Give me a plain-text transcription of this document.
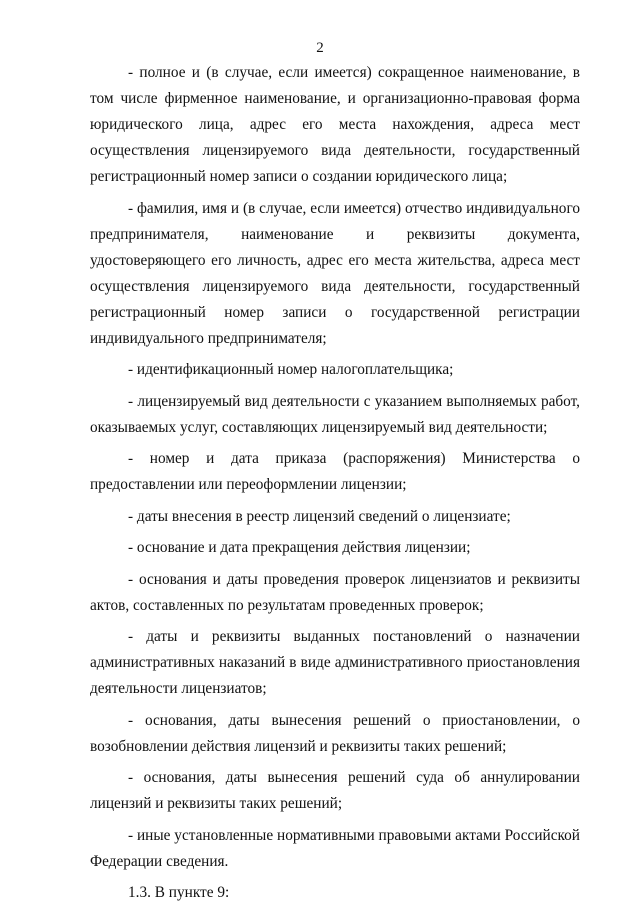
2

- полное и (в случае, если имеется) сокращенное наименование, в том числе фирменное наименование, и организационно-правовая форма юридического лица, адрес его места нахождения, адреса мест осуществления лицензируемого вида деятельности, государственный регистрационный номер записи о создании юридического лица;

- фамилия, имя и (в случае, если имеется) отчество индивидуального предпринимателя, наименование и реквизиты документа, удостоверяющего его личность, адрес его места жительства, адреса мест осуществления лицензируемого вида деятельности, государственный регистрационный номер записи о государственной регистрации индивидуального предпринимателя;

- идентификационный номер налогоплательщика;

- лицензируемый вид деятельности с указанием выполняемых работ, оказываемых услуг, составляющих лицензируемый вид деятельности;

- номер и дата приказа (распоряжения) Министерства о предоставлении или переоформлении лицензии;

- даты внесения в реестр лицензий сведений о лицензиате;

- основание и дата прекращения действия лицензии;

- основания и даты проведения проверок лицензиатов и реквизиты актов, составленных по результатам проведенных проверок;

- даты и реквизиты выданных постановлений о назначении административных наказаний в виде административного приостановления деятельности лицензиатов;

- основания, даты вынесения решений о приостановлении, о возобновлении действия лицензий и реквизиты таких решений;

- основания, даты вынесения решений суда об аннулировании лицензий и реквизиты таких решений;

- иные установленные нормативными правовыми актами Российской Федерации сведения.

1.3. В пункте 9:
